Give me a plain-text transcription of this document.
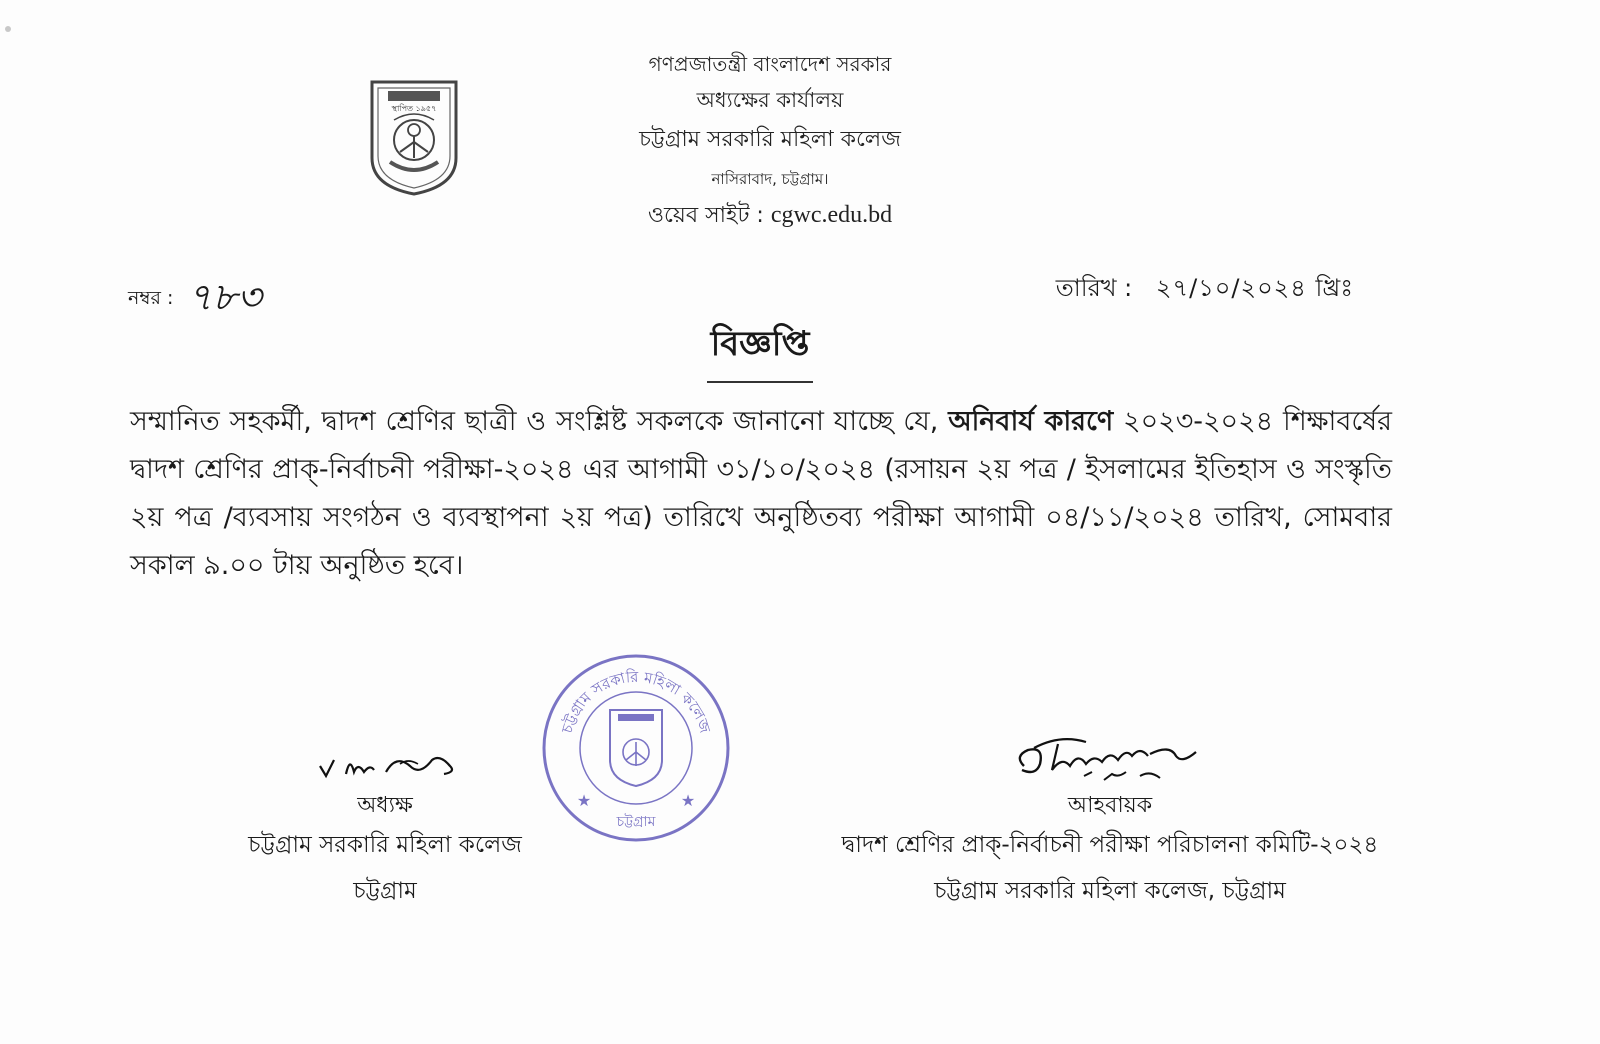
স্থাপিত ১৯৫৭
গণপ্রজাতন্ত্রী বাংলাদেশ সরকার
অধ্যক্ষের কার্যালয়
চট্টগ্রাম সরকারি মহিলা কলেজ
নাসিরাবাদ, চট্টগ্রাম।
ওয়েব সাইট : cgwc.edu.bd
নম্বর : ৭৮৩	তারিখ : ২৭/১০/২০২৪ খ্রিঃ
বিজ্ঞপ্তি
সম্মানিত সহকর্মী, দ্বাদশ শ্রেণির ছাত্রী ও সংশ্লিষ্ট সকলকে জানানো যাচ্ছে যে, অনিবার্য কারণে ২০২৩-২০২৪ শিক্ষাবর্ষের দ্বাদশ শ্রেণির প্রাক্-নির্বাচনী পরীক্ষা-২০২৪ এর আগামী ৩১/১০/২০২৪ (রসায়ন ২য় পত্র / ইসলামের ইতিহাস ও সংস্কৃতি ২য় পত্র /ব্যবসায় সংগঠন ও ব্যবস্থাপনা ২য় পত্র) তারিখে অনুষ্ঠিতব্য পরীক্ষা আগামী ০৪/১১/২০২৪ তারিখ, সোমবার সকাল ৯.০০ টায় অনুষ্ঠিত হবে।
চট্টগ্রাম সরকারি মহিলা কলেজ
চট্টগ্রাম
★	★
অধ্যক্ষ
চট্টগ্রাম সরকারি মহিলা কলেজ
চট্টগ্রাম
আহবায়ক
দ্বাদশ শ্রেণির প্রাক্-নির্বাচনী পরীক্ষা পরিচালনা কমিটি-২০২৪
চট্টগ্রাম সরকারি মহিলা কলেজ, চট্টগ্রাম
